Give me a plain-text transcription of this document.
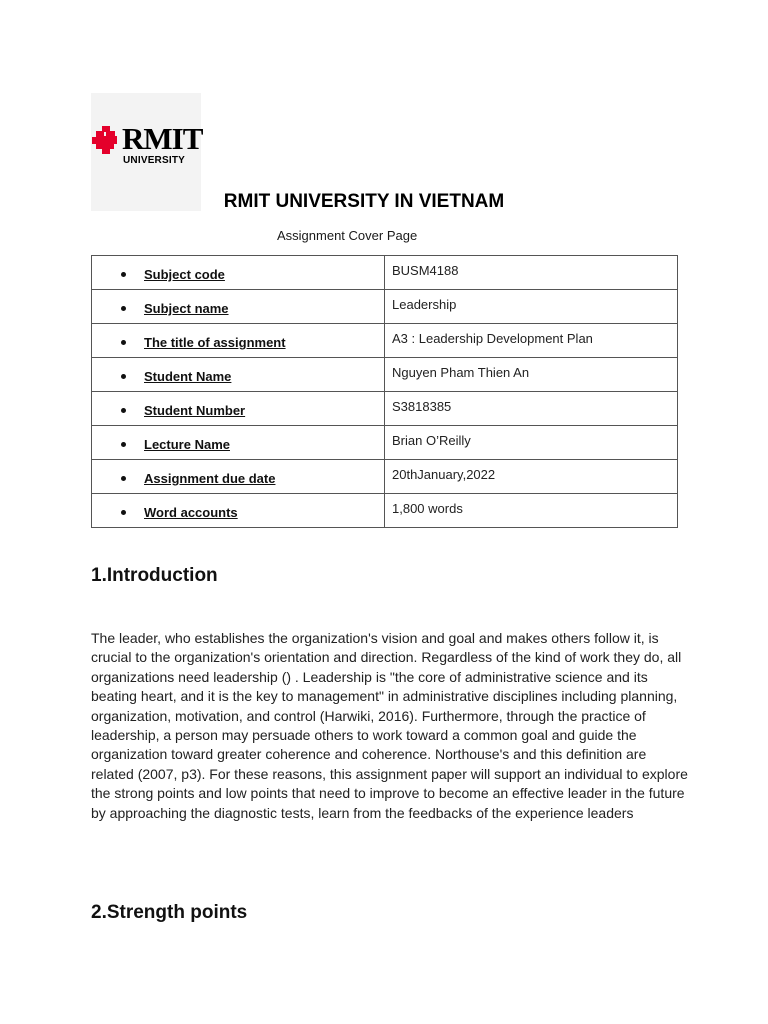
RMIT
UNIVERSITY
RMIT UNIVERSITY IN VIETNAM
Assignment Cover Page
Subject code	BUSM4188

Subject name	Leadership

The title of assignment	A3 : Leadership Development Plan

Student Name	Nguyen Pham Thien An

Student Number	S3818385

Lecture Name	Brian O’Reilly

Assignment due date	20thJanuary,2022

Word accounts	1,800 words
1.Introduction

The leader, who establishes the organization's vision and goal and makes others follow it, is crucial to the organization's orientation and direction. Regardless of the kind of work they do, all organizations need leadership () . Leadership is "the core of administrative science and its beating heart, and it is the key to management" in administrative disciplines including planning, organization, motivation, and control (Harwiki, 2016). Furthermore, through the practice of leadership, a person may persuade others to work toward a common goal and guide the organization toward greater coherence and coherence. Northouse's and this definition are related (2007, p3). For these reasons, this assignment paper will support an individual to explore the strong points and low points that need to improve to become an effective leader in the future by approaching the diagnostic tests, learn from the feedbacks of the experience leaders

2.Strength points
